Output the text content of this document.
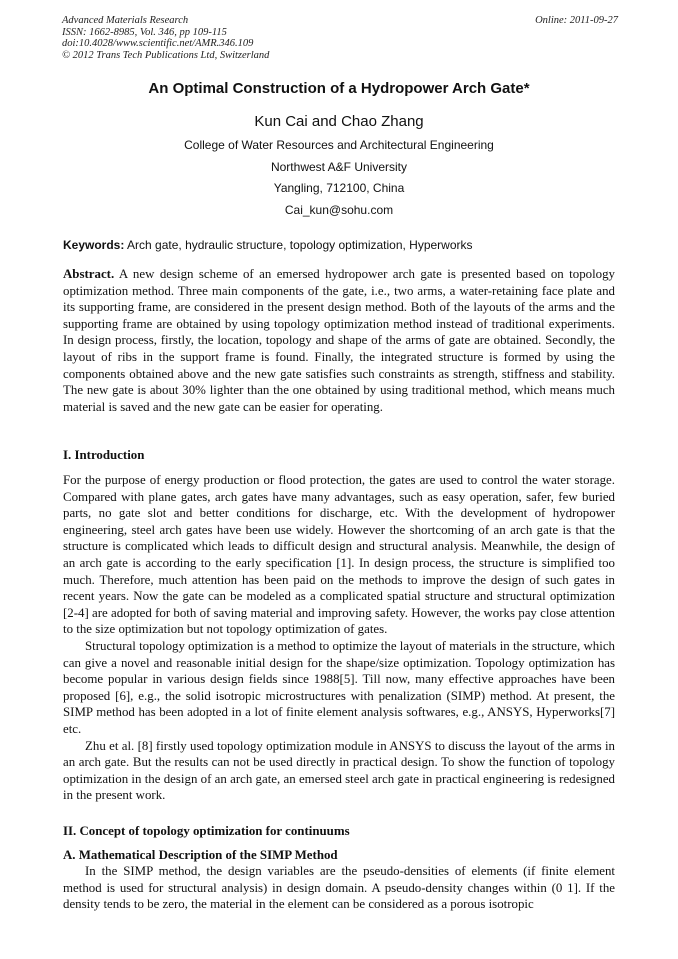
Advanced Materials Research
ISSN: 1662-8985, Vol. 346, pp 109-115
doi:10.4028/www.scientific.net/AMR.346.109
© 2012 Trans Tech Publications Ltd, Switzerland
Online: 2011-09-27
An Optimal Construction of a Hydropower Arch Gate*
Kun Cai and Chao Zhang
College of Water Resources and Architectural Engineering
Northwest A&F University
Yangling, 712100, China
Cai_kun@sohu.com
Keywords: Arch gate, hydraulic structure, topology optimization, Hyperworks

Abstract. A new design scheme of an emersed hydropower arch gate is presented based on topology optimization method. Three main components of the gate, i.e., two arms, a water-retaining face plate and its supporting frame, are considered in the present design method. Both of the layouts of the arms and the supporting frame are obtained by using topology optimization method instead of traditional experiments. In design process, firstly, the location, topology and shape of the arms of gate are obtained. Secondly, the layout of ribs in the support frame is found. Finally, the integrated structure is formed by using the components obtained above and the new gate satisfies such constraints as strength, stiffness and stability. The new gate is about 30% lighter than the one obtained by using traditional method, which means much material is saved and the new gate can be easier for operating.

I. Introduction

For the purpose of energy production or flood protection, the gates are used to control the water storage. Compared with plane gates, arch gates have many advantages, such as easy operation, safer, few buried parts, no gate slot and better conditions for discharge, etc. With the development of hydropower engineering, steel arch gates have been use widely. However the shortcoming of an arch gate is that the structure is complicated which leads to difficult design and structural analysis. Meanwhile, the design of an arch gate is according to the early specification [1]. In design process, the structure is simplified too much. Therefore, much attention has been paid on the methods to improve the design of such gates in recent years. Now the gate can be modeled as a complicated spatial structure and structural optimization [2-4] are adopted for both of saving material and improving safety. However, the works pay close attention to the size optimization but not topology optimization of gates.

Structural topology optimization is a method to optimize the layout of materials in the structure, which can give a novel and reasonable initial design for the shape/size optimization. Topology optimization has become popular in various design fields since 1988[5]. Till now, many effective approaches have been proposed [6], e.g., the solid isotropic microstructures with penalization (SIMP) method. At present, the SIMP method has been adopted in a lot of finite element analysis softwares, e.g., ANSYS, Hyperworks[7] etc.

Zhu et al. [8] firstly used topology optimization module in ANSYS to discuss the layout of the arms in an arch gate. But the results can not be used directly in practical design. To show the function of topology optimization in the design of an arch gate, an emersed steel arch gate in practical engineering is redesigned in the present work.

II. Concept of topology optimization for continuums
A. Mathematical Description of the SIMP Method

In the SIMP method, the design variables are the pseudo-densities of elements (if finite element method is used for structural analysis) in design domain. A pseudo-density changes within (0 1]. If the density tends to be zero, the material in the element can be considered as a porous isotropic
